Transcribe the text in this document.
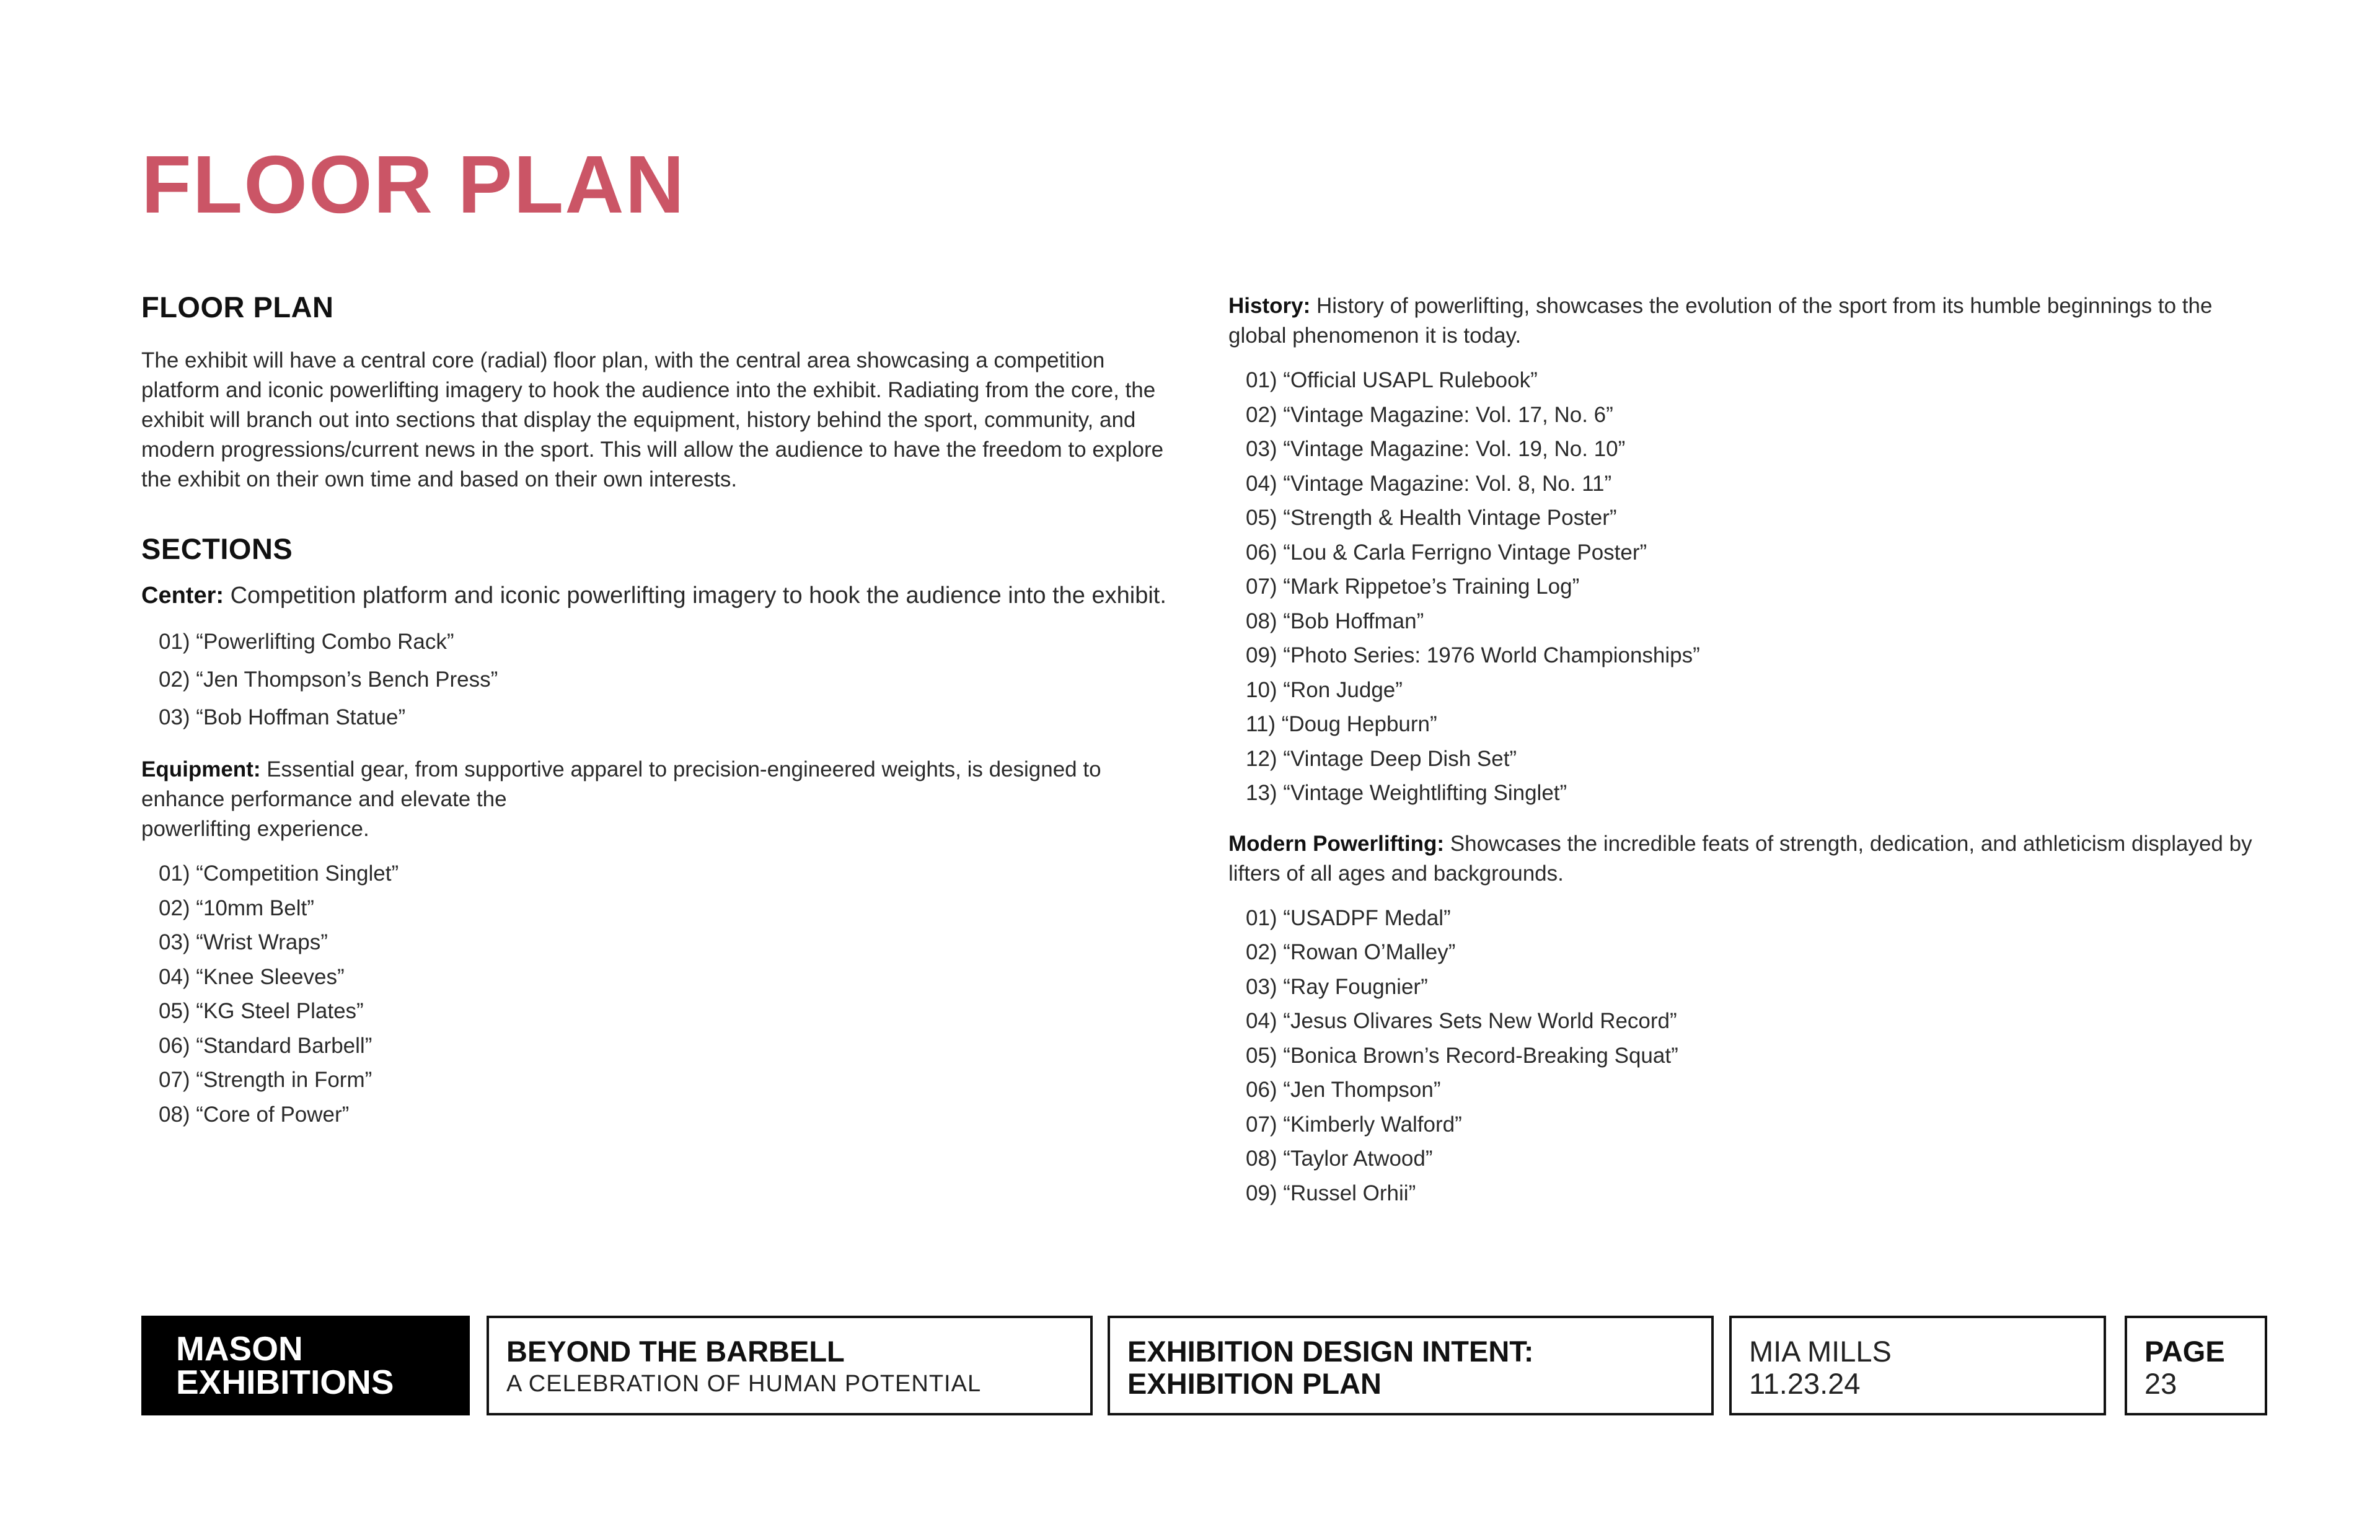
FLOOR PLAN
FLOOR PLAN

The exhibit will have a central core (radial) floor plan, with the central area showcasing a competition platform and iconic powerlifting imagery to hook the audience into the exhibit. Radiating from the core, the exhibit will branch out into sections that display the equipment, history behind the sport, community, and modern progressions/current news in the sport. This will allow the audience to have the freedom to explore the exhibit on their own time and based on their own interests.

SECTIONS

Center: Competition platform and iconic powerlifting imagery to hook the audience into the exhibit.

01) “Powerlifting Combo Rack”
02) “Jen Thompson’s Bench Press”
03) “Bob Hoffman Statue”

Equipment: Essential gear, from supportive apparel to precision-engineered weights, is designed to enhance performance and elevate the
powerlifting experience.

01) “Competition Singlet”
02) “10mm Belt”
03) “Wrist Wraps”
04) “Knee Sleeves”
05) “KG Steel Plates”
06) “Standard Barbell”
07) “Strength in Form”
08) “Core of Power”

History: History of powerlifting, showcases the evolution of the sport from its humble beginnings to the global phenomenon it is today.

01) “Official USAPL Rulebook”
02) “Vintage Magazine: Vol. 17, No. 6”
03) “Vintage Magazine: Vol. 19, No. 10”
04) “Vintage Magazine: Vol. 8, No. 11”
05) “Strength & Health Vintage Poster”
06) “Lou & Carla Ferrigno Vintage Poster”
07) “Mark Rippetoe’s Training Log”
08) “Bob Hoffman”
09) “Photo Series: 1976 World Championships”
10) “Ron Judge”
11) “Doug Hepburn”
12) “Vintage Deep Dish Set”
13) “Vintage Weightlifting Singlet”

Modern Powerlifting: Showcases the incredible feats of strength, dedication, and athleticism displayed by lifters of all ages and backgrounds.

01) “USADPF Medal”
02) “Rowan O’Malley”
03) “Ray Fougnier”
04) “Jesus Olivares Sets New World Record”
05) “Bonica Brown’s Record-Breaking Squat”
06) “Jen Thompson”
07) “Kimberly Walford”
08) “Taylor Atwood”
09) “Russel Orhii”
MASON
EXHIBITIONS
BEYOND THE BARBELL
A CELEBRATION OF HUMAN POTENTIAL
EXHIBITION DESIGN INTENT:
EXHIBITION PLAN
MIA MILLS
11.23.24
PAGE
23
